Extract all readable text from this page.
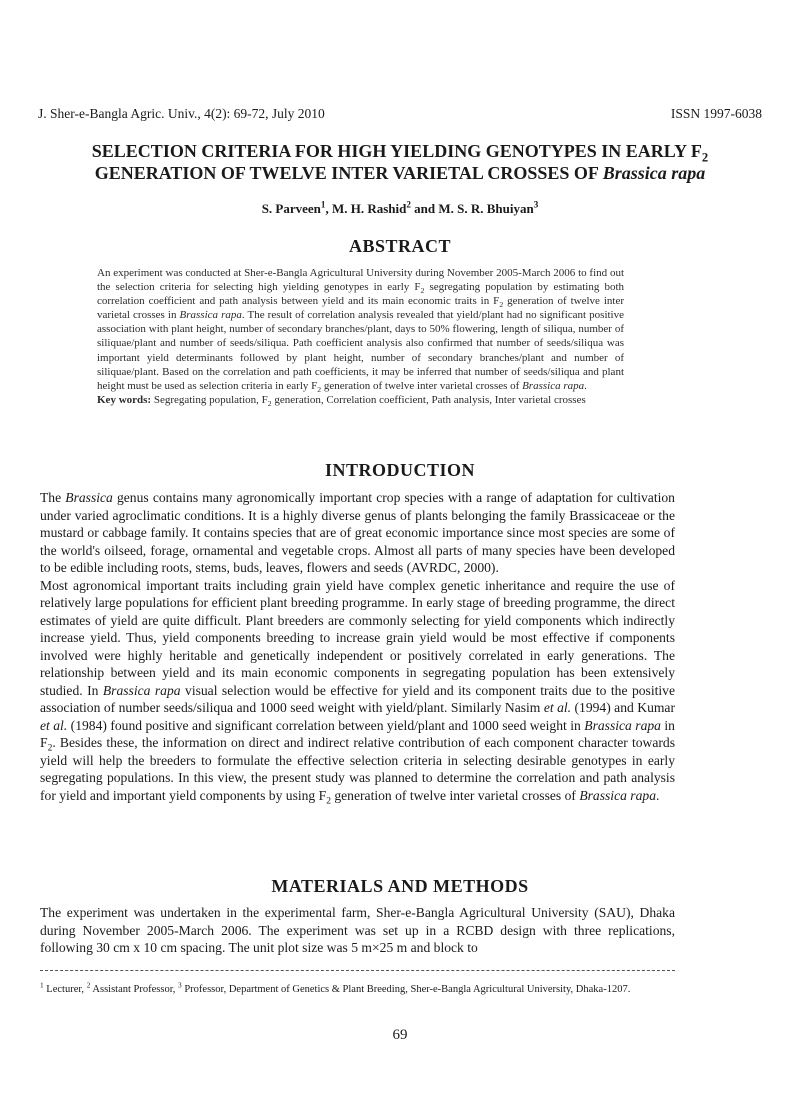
J. Sher-e-Bangla Agric. Univ., 4(2): 69-72, July 2010	ISSN 1997-6038
SELECTION CRITERIA FOR HIGH YIELDING GENOTYPES IN EARLY $F_2$
GENERATION OF TWELVE INTER VARIETAL CROSSES OF Brassica rapa
S. Parveen$^1$, M. H. Rashid$^2$ and M. S. R. Bhuiyan$^3$
ABSTRACT

An experiment was conducted at Sher-e-Bangla Agricultural University during November 2005-March 2006 to find out the selection criteria for selecting high yielding genotypes in early $F_2$ segregating population by estimating both correlation coefficient and path analysis between yield and its main economic traits in $F_2$ generation of twelve inter varietal crosses in Brassica rapa. The result of correlation analysis revealed that yield/plant had no significant positive association with plant height, number of secondary branches/plant, days to 50% flowering, length of siliqua, number of siliquae/plant and number of seeds/siliqua. Path coefficient analysis also confirmed that number of seeds/siliqua was important yield determinants followed by plant height, number of secondary branches/plant and number of siliquae/plant. Based on the correlation and path coefficients, it may be inferred that number of seeds/siliqua and plant height must be used as selection criteria in early $F_2$ generation of twelve inter varietal crosses of Brassica rapa.

Key words: Segregating population, $F_2$ generation, Correlation coefficient, Path analysis, Inter varietal crosses

INTRODUCTION

The Brassica genus contains many agronomically important crop species with a range of adaptation for cultivation under varied agroclimatic conditions. It is a highly diverse genus of plants belonging the family Brassicaceae or the mustard or cabbage family. It contains species that are of great economic importance since most species are some of the world's oilseed, forage, ornamental and vegetable crops. Almost all parts of many species have been developed to be edible including roots, stems, buds, leaves, flowers and seeds (AVRDC, 2000).

Most agronomical important traits including grain yield have complex genetic inheritance and require the use of relatively large populations for efficient plant breeding programme. In early stage of breeding programme, the direct estimates of yield are quite difficult. Plant breeders are commonly selecting for yield components which indirectly increase yield. Thus, yield components breeding to increase grain yield would be most effective if components involved were highly heritable and genetically independent or positively correlated in early generations. The relationship between yield and its main economic components in segregating population has been extensively studied. In Brassica rapa visual selection would be effective for yield and its component traits due to the positive association of number seeds/siliqua and 1000 seed weight with yield/plant. Similarly Nasim et al. (1994) and Kumar et al. (1984) found positive and significant correlation between yield/plant and 1000 seed weight in Brassica rapa in $F_2$. Besides these, the information on direct and indirect relative contribution of each component character towards yield will help the breeders to formulate the effective selection criteria in selecting desirable genotypes in early segregating populations. In this view, the present study was planned to determine the correlation and path analysis for yield and important yield components by using $F_2$ generation of twelve inter varietal crosses of Brassica rapa.

MATERIALS AND METHODS

The experiment was undertaken in the experimental farm, Sher-e-Bangla Agricultural University (SAU), Dhaka during November 2005-March 2006. The experiment was set up in a RCBD design with three replications, following 30 cm x 10 cm spacing. The unit plot size was 5 m×25 m and block to

$^1$ Lecturer, $^2$ Assistant Professor, $^3$ Professor, Department of Genetics & Plant Breeding, Sher-e-Bangla Agricultural University, Dhaka-1207.
69
